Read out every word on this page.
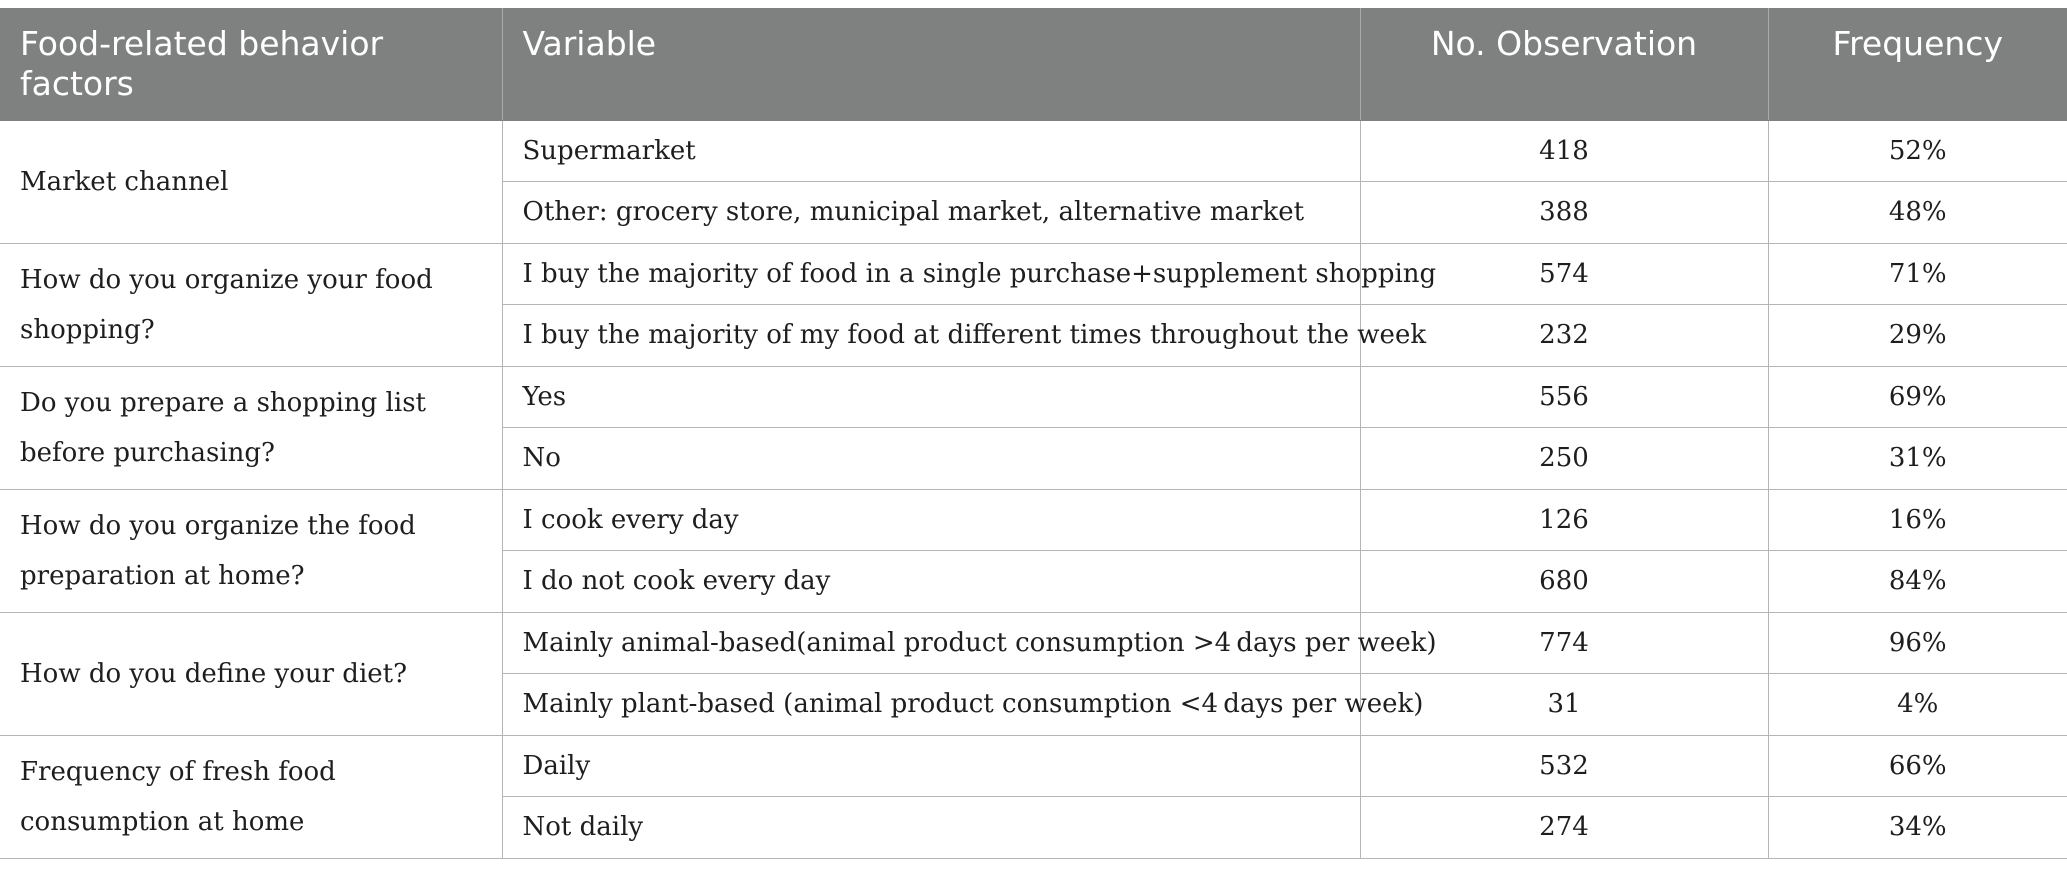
Food-related behavior factors	Variable	No. Observation	Frequency
Market channel	Supermarket	418	52%
	Other: grocery store, municipal market, alternative market	388	48%
How do you organize your food shopping?	I buy the majority of food in a single purchase+supplement shopping	574	71%
	I buy the majority of my food at different times throughout the week	232	29%
Do you prepare a shopping list before purchasing?	Yes	556	69%
	No	250	31%
How do you organize the food preparation at home?	I cook every day	126	16%
	I do not cook every day	680	84%
How do you define your diet?	Mainly animal-based(animal product consumption >4 days per week)	774	96%
	Mainly plant-based (animal product consumption <4 days per week)	31	4%
Frequency of fresh food consumption at home	Daily	532	66%
	Not daily	274	34%
